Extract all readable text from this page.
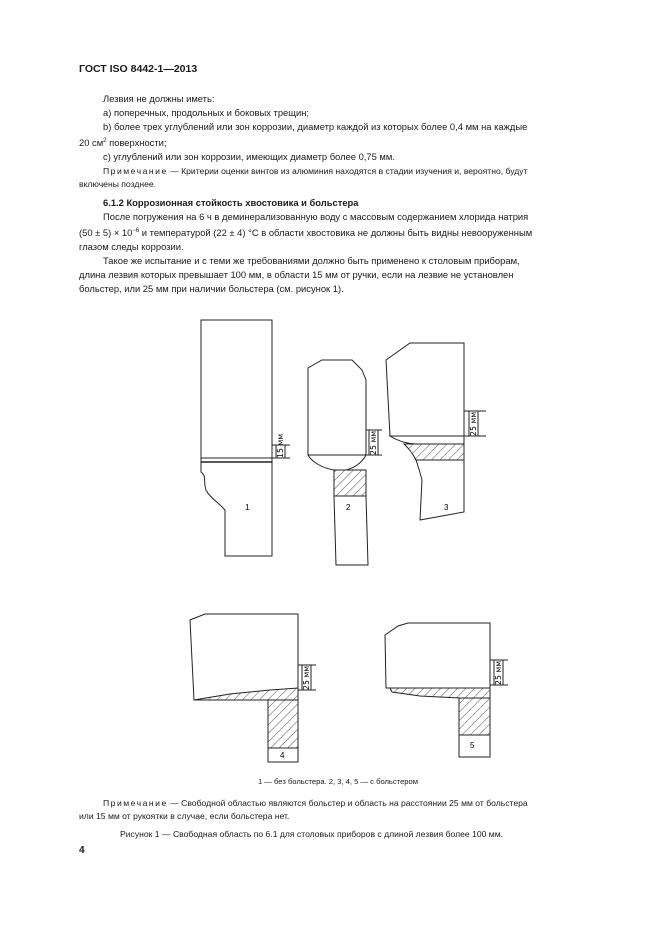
ГОСТ ISO 8442-1—2013
Лезвия не должны иметь:
а) поперечных, продольных и боковых трещин;
b) более трех углублений или зон коррозии, диаметр каждой из которых более 0,4 мм на каждые
20 $см^2$ поверхности;
с) углублений или зон коррозии, имеющих диаметр более 0,75 мм.
Примечание — Критерии оценки винтов из алюминия находятся в стадии изучения и, вероятно, будут
включены позднее.
6.1.2 Коррозионная стойкость хвостовика и больстера
После погружения на 6 ч в деминерализованную воду с массовым содержанием хлорида натрия
$(50 \pm 5) \times 10^{-6}$ и температурой (22 ± 4) °С в области хвостовика не должны быть видны невооруженным
глазом следы коррозии.
Такое же испытание и с теми же требованиями должно быть применено к столовым приборам,
длина лезвия которых превышает 100 мм, в области 15 мм от ручки, если на лезвие не установлен
больстер, или 25 мм при наличии больстера (см. рисунок 1).
15 мм	25 мм
25 мм
25 мм	25 мм
1	2	3
4
5
1 — без больстера. 2, 3, 4, 5 — с больстером
Примечание — Свободной областью являются больстер и область на расстоянии 25 мм от больстера
или 15 мм от рукоятки в случае, если больстера нет.
Рисунок 1 — Свободная область по 6.1 для столовых приборов с длиной лезвия более 100 мм.
4
